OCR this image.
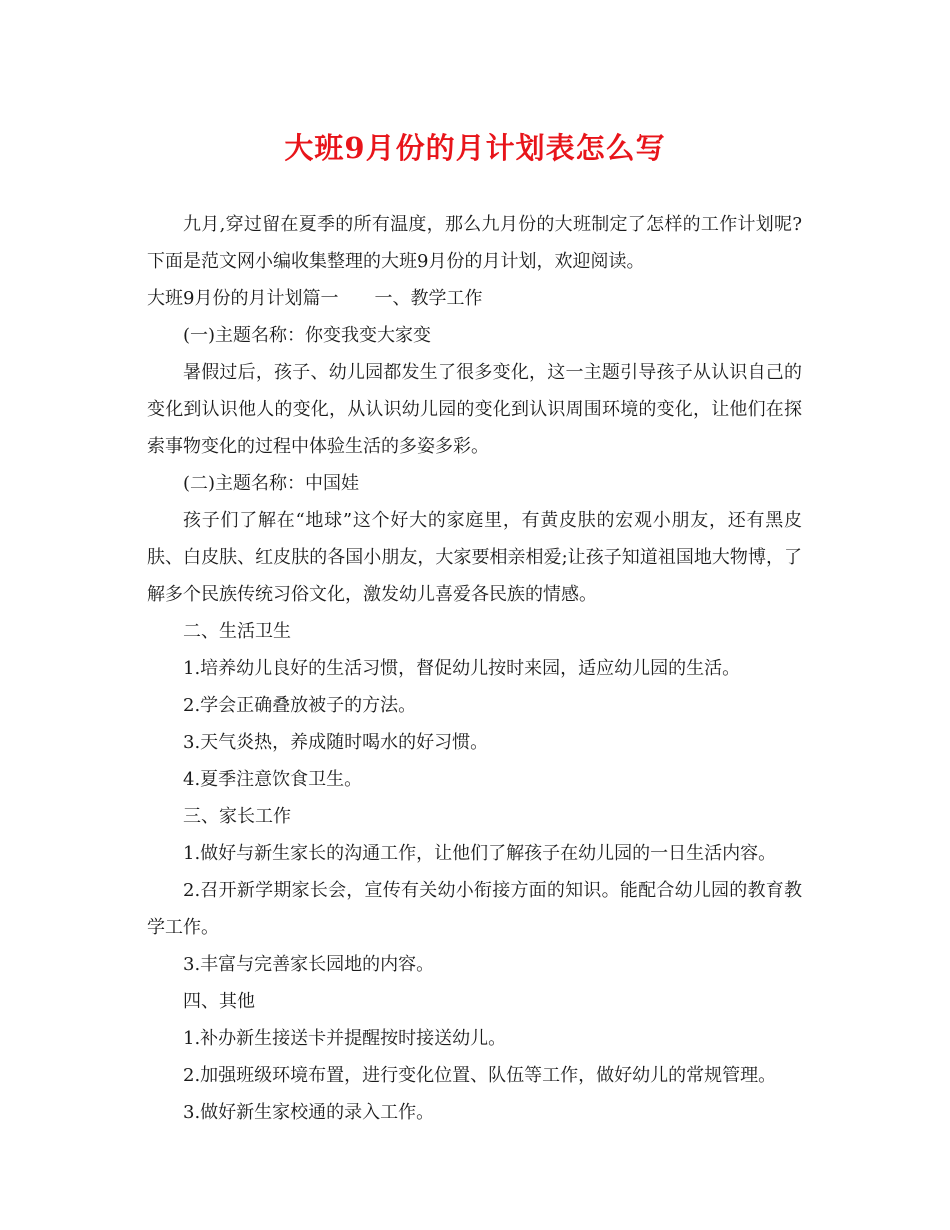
大班9月份的月计划表怎么写

九月,穿过留在夏季的所有温度，那么九月份的大班制定了怎样的工作计划呢?下面是范文网小编收集整理的大班9月份的月计划，欢迎阅读。

大班9月份的月计划篇一　　一、教学工作

(一)主题名称：你变我变大家变

暑假过后，孩子、幼儿园都发生了很多变化，这一主题引导孩子从认识自己的变化到认识他人的变化，从认识幼儿园的变化到认识周围环境的变化，让他们在探索事物变化的过程中体验生活的多姿多彩。

(二)主题名称：中国娃

孩子们了解在“地球”这个好大的家庭里，有黄皮肤的宏观小朋友，还有黑皮肤、白皮肤、红皮肤的各国小朋友，大家要相亲相爱;让孩子知道祖国地大物博，了解多个民族传统习俗文化，激发幼儿喜爱各民族的情感。

二、生活卫生

1.培养幼儿良好的生活习惯，督促幼儿按时来园，适应幼儿园的生活。

2.学会正确叠放被子的方法。

3.天气炎热，养成随时喝水的好习惯。

4.夏季注意饮食卫生。

三、家长工作

1.做好与新生家长的沟通工作，让他们了解孩子在幼儿园的一日生活内容。

2.召开新学期家长会，宣传有关幼小衔接方面的知识。能配合幼儿园的教育教学工作。

3.丰富与完善家长园地的内容。

四、其他

1.补办新生接送卡并提醒按时接送幼儿。

2.加强班级环境布置，进行变化位置、队伍等工作，做好幼儿的常规管理。

3.做好新生家校通的录入工作。
